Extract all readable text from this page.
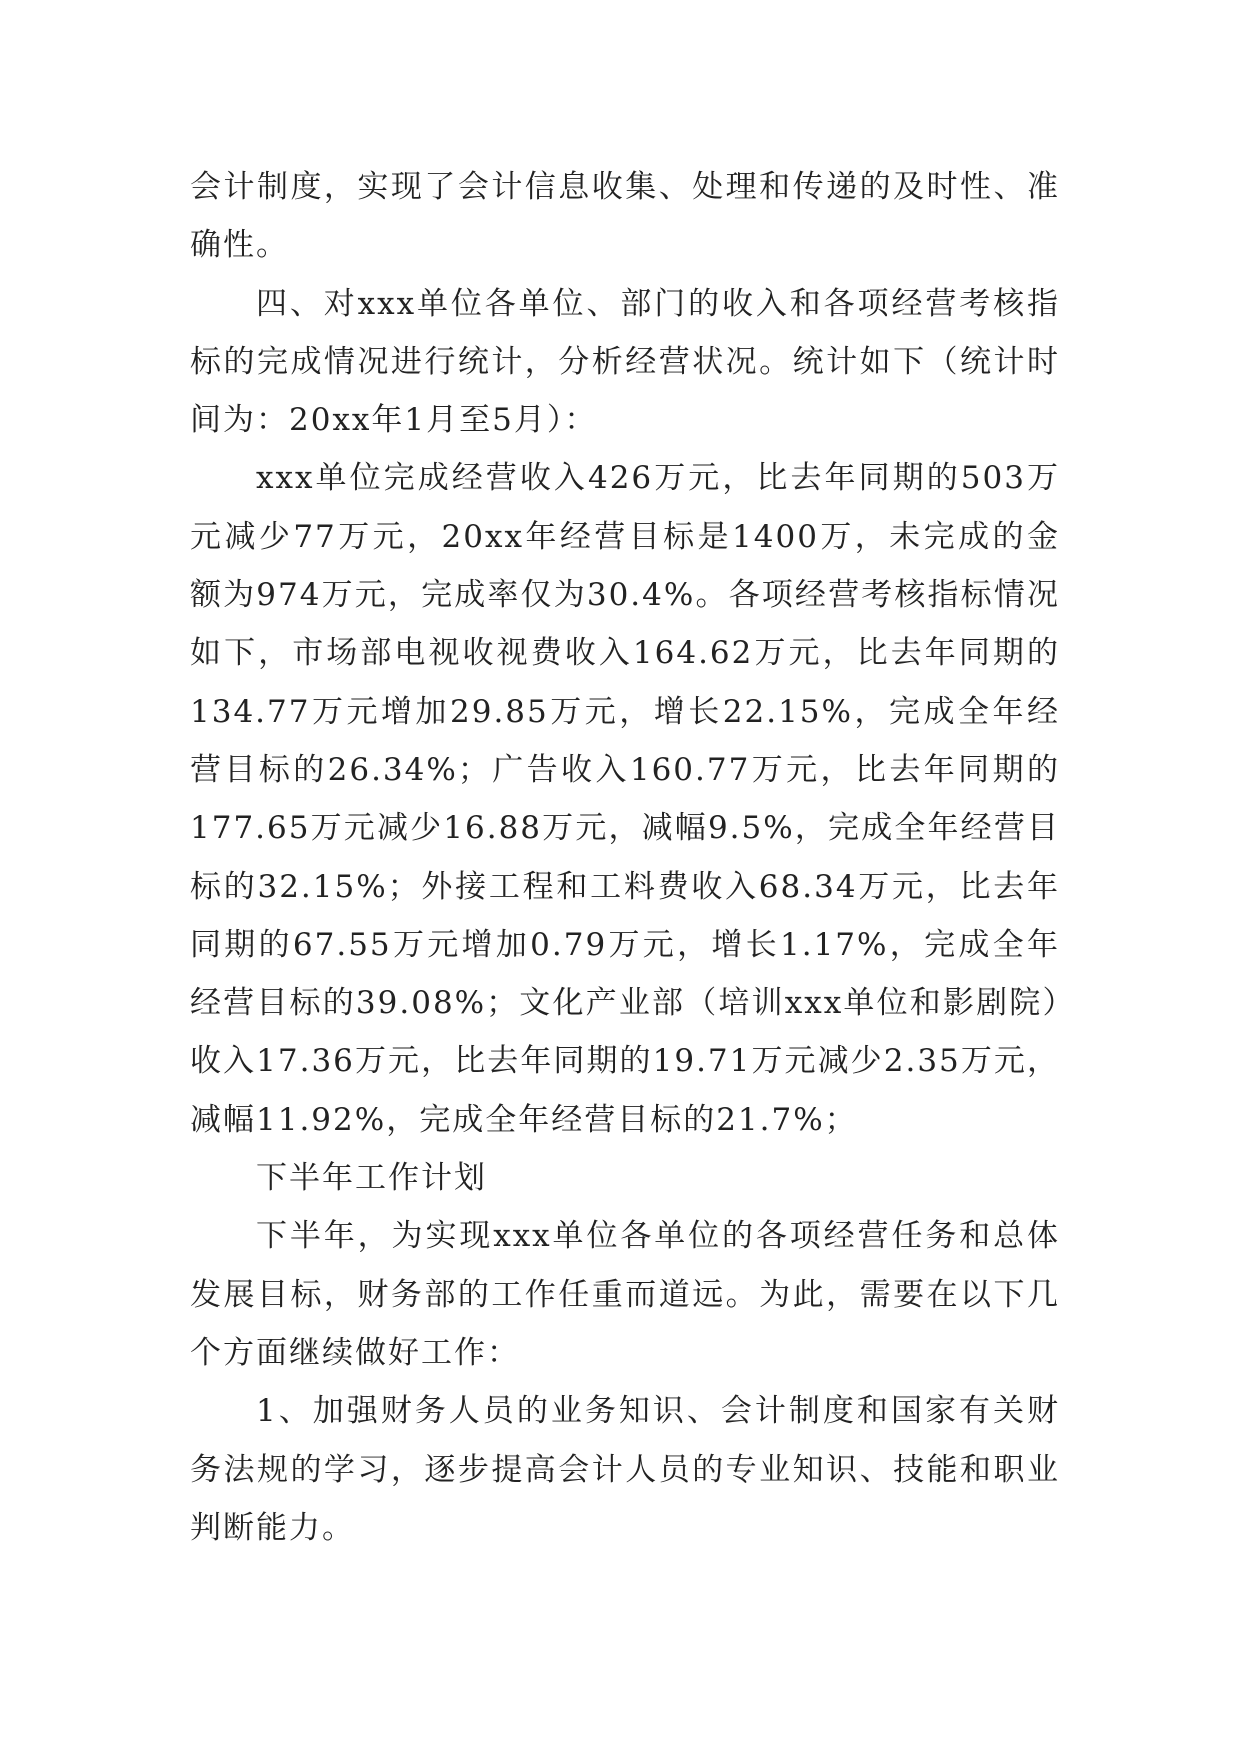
会计制度，实现了会计信息收集、处理和传递的及时性、准确性。

四、对xxx单位各单位、部门的收入和各项经营考核指标的完成情况进行统计，分析经营状况。统计如下（统计时间为：20xx年1月至5月）：

xxx单位完成经营收入426万元，比去年同期的503万元减少77万元，20xx年经营目标是1400万，未完成的金额为974万元，完成率仅为30.4%。各项经营考核指标情况如下，市场部电视收视费收入164.62万元，比去年同期的134.77万元增加29.85万元，增长22.15%，完成全年经营目标的26.34%；广告收入160.77万元，比去年同期的177.65万元减少16.88万元，减幅9.5%，完成全年经营目标的32.15%；外接工程和工料费收入68.34万元，比去年同期的67.55万元增加0.79万元，增长1.17%，完成全年经营目标的39.08%；文化产业部（培训xxx单位和影剧院）收入17.36万元，比去年同期的19.71万元减少2.35万元，减幅11.92%，完成全年经营目标的21.7%；

下半年工作计划

下半年，为实现xxx单位各单位的各项经营任务和总体发展目标，财务部的工作任重而道远。为此，需要在以下几个方面继续做好工作：

1、加强财务人员的业务知识、会计制度和国家有关财务法规的学习，逐步提高会计人员的专业知识、技能和职业判断能力。
